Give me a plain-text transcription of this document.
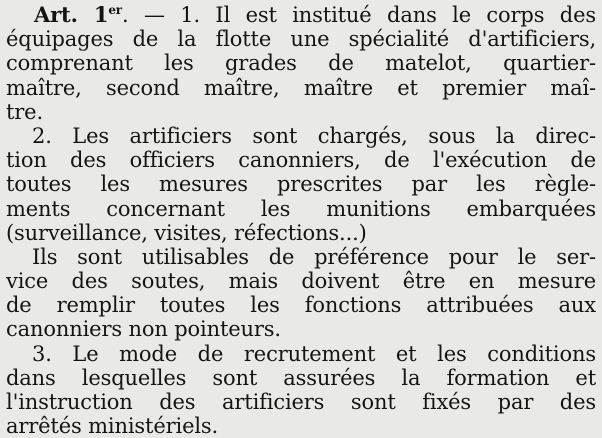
Art. 1er. — 1. Il est institué dans le corps des
équipages de la flotte une spécialité d'artificiers,
comprenant les grades de matelot, quartier-
maître, second maître, maître et premier maî-
tre.
2. Les artificiers sont chargés, sous la direc-
tion des officiers canonniers, de l'exécution de
toutes les mesures prescrites par les règle-
ments concernant les munitions embarquées
(surveillance, visites, réfections...)
Ils sont utilisables de préférence pour le ser-
vice des soutes, mais doivent être en mesure
de remplir toutes les fonctions attribuées aux
canonniers non pointeurs.
3. Le mode de recrutement et les conditions
dans lesquelles sont assurées la formation et
l'instruction des artificiers sont fixés par des
arrêtés ministériels.
